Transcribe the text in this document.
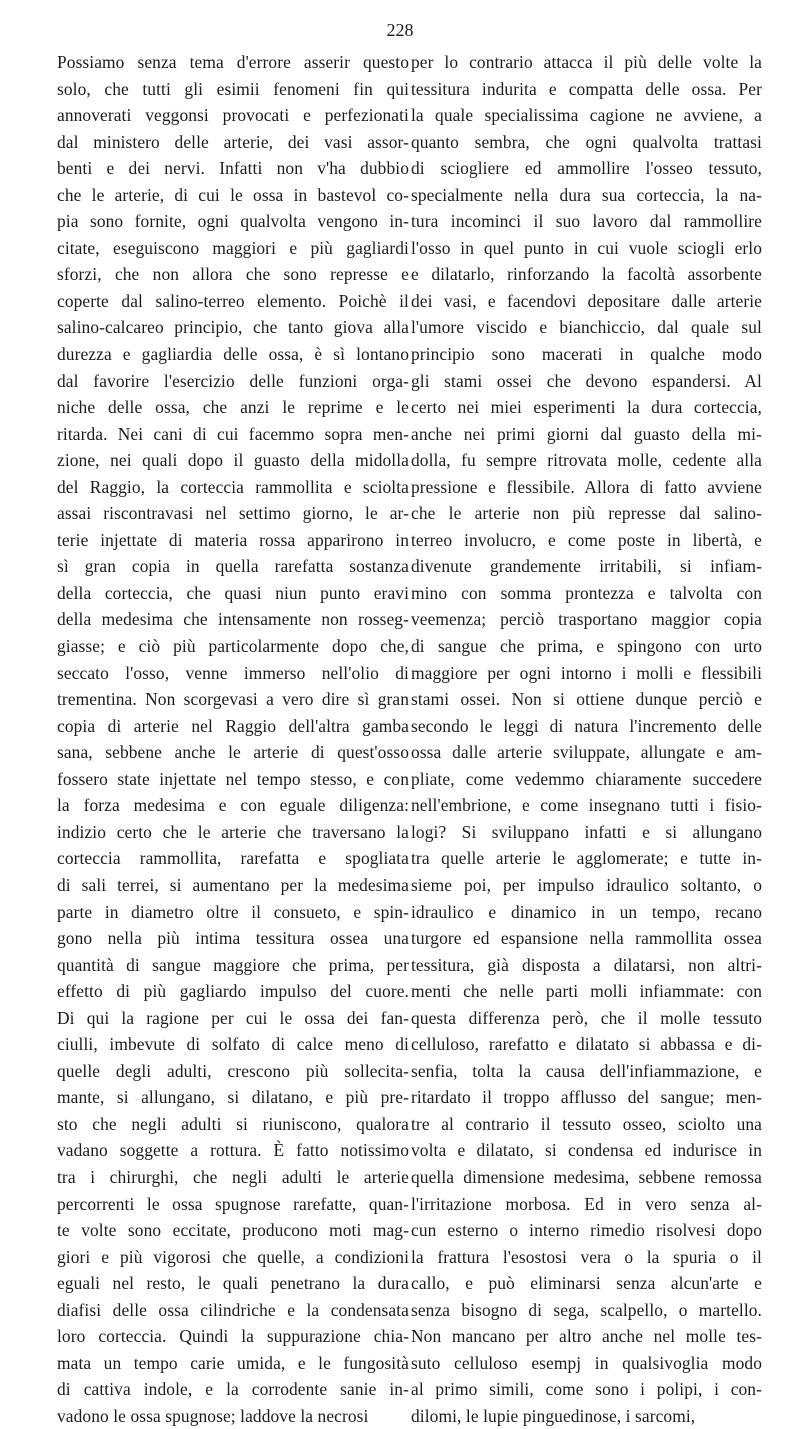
228
Possiamo senza tema d'errore asserir questo
solo, che tutti gli esimii fenomeni fin qui
annoverati veggonsi provocati e perfezionati
dal ministero delle arterie, dei vasi assor-
benti e dei nervi. Infatti non v'ha dubbio
che le arterie, di cui le ossa in bastevol co-
pia sono fornite, ogni qualvolta vengono in-
citate, eseguiscono maggiori e più gagliardi
sforzi, che non allora che sono represse e
coperte dal salino-terreo elemento. Poichè il
salino-calcareo principio, che tanto giova alla
durezza e gagliardia delle ossa, è sì lontano
dal favorire l'esercizio delle funzioni orga-
niche delle ossa, che anzi le reprime e le
ritarda. Nei cani di cui facemmo sopra men-
zione, nei quali dopo il guasto della midolla
del Raggio, la corteccia rammollita e sciolta
assai riscontravasi nel settimo giorno, le ar-
terie injettate di materia rossa apparirono in
sì gran copia in quella rarefatta sostanza
della corteccia, che quasi niun punto eravi
della medesima che intensamente non rosseg-
giasse; e ciò più particolarmente dopo che,
seccato l'osso, venne immerso nell'olio di
trementina. Non scorgevasi a vero dire sì gran
copia di arterie nel Raggio dell'altra gamba
sana, sebbene anche le arterie di quest'osso
fossero state injettate nel tempo stesso, e con
la forza medesima e con eguale diligenza:
indizio certo che le arterie che traversano la
corteccia rammollita, rarefatta e spogliata
di sali terrei, si aumentano per la medesima
parte in diametro oltre il consueto, e spin-
gono nella più intima tessitura ossea una
quantità di sangue maggiore che prima, per
effetto di più gagliardo impulso del cuore.
Di qui la ragione per cui le ossa dei fan-
ciulli, imbevute di solfato di calce meno di
quelle degli adulti, crescono più sollecita-
mante, si allungano, si dilatano, e più pre-
sto che negli adulti si riuniscono, qualora
vadano soggette a rottura. È fatto notissimo
tra i chirurghi, che negli adulti le arterie
percorrenti le ossa spugnose rarefatte, quan-
te volte sono eccitate, producono moti mag-
giori e più vigorosi che quelle, a condizioni
eguali nel resto, le quali penetrano la dura
diafisi delle ossa cilindriche e la condensata
loro corteccia. Quindi la suppurazione chia-
mata un tempo carie umida, e le fungosità
di cattiva indole, e la corrodente sanie in-
vadono le ossa spugnose; laddove la necrosi
per lo contrario attacca il più delle volte la
tessitura indurita e compatta delle ossa. Per
la quale specialissima cagione ne avviene, a
quanto sembra, che ogni qualvolta trattasi
di sciogliere ed ammollire l'osseo tessuto,
specialmente nella dura sua corteccia, la na-
tura incominci il suo lavoro dal rammollire
l'osso in quel punto in cui vuole sciogli erlo
e dilatarlo, rinforzando la facoltà assorbente
dei vasi, e facendovi depositare dalle arterie
l'umore viscido e bianchiccio, dal quale sul
principio sono macerati in qualche modo
gli stami ossei che devono espandersi. Al
certo nei miei esperimenti la dura corteccia,
anche nei primi giorni dal guasto della mi-
dolla, fu sempre ritrovata molle, cedente alla
pressione e flessibile. Allora di fatto avviene
che le arterie non più represse dal salino-
terreo involucro, e come poste in libertà, e
divenute grandemente irritabili, si infiam-
mino con somma prontezza e talvolta con
veemenza; perciò trasportano maggior copia
di sangue che prima, e spingono con urto
maggiore per ogni intorno i molli e flessibili
stami ossei. Non si ottiene dunque perciò e
secondo le leggi di natura l'incremento delle
ossa dalle arterie sviluppate, allungate e am-
pliate, come vedemmo chiaramente succedere
nell'embrione, e come insegnano tutti i fisio-
logi? Si sviluppano infatti e si allungano
tra quelle arterie le agglomerate; e tutte in-
sieme poi, per impulso idraulico soltanto, o
idraulico e dinamico in un tempo, recano
turgore ed espansione nella rammollita ossea
tessitura, già disposta a dilatarsi, non altri-
menti che nelle parti molli infiammate: con
questa differenza però, che il molle tessuto
celluloso, rarefatto e dilatato si abbassa e di-
senfia, tolta la causa dell'infiammazione, e
ritardato il troppo afflusso del sangue; men-
tre al contrario il tessuto osseo, sciolto una
volta e dilatato, si condensa ed indurisce in
quella dimensione medesima, sebbene remossa
l'irritazione morbosa. Ed in vero senza al-
cun esterno o interno rimedio risolvesi dopo
la frattura l'esostosi vera o la spuria o il
callo, e può eliminarsi senza alcun'arte e
senza bisogno di sega, scalpello, o martello.
Non mancano per altro anche nel molle tes-
suto celluloso esempj in qualsivoglia modo
al primo simili, come sono i polipi, i con-
dilomi, le lupie pinguedinose, i sarcomi,
